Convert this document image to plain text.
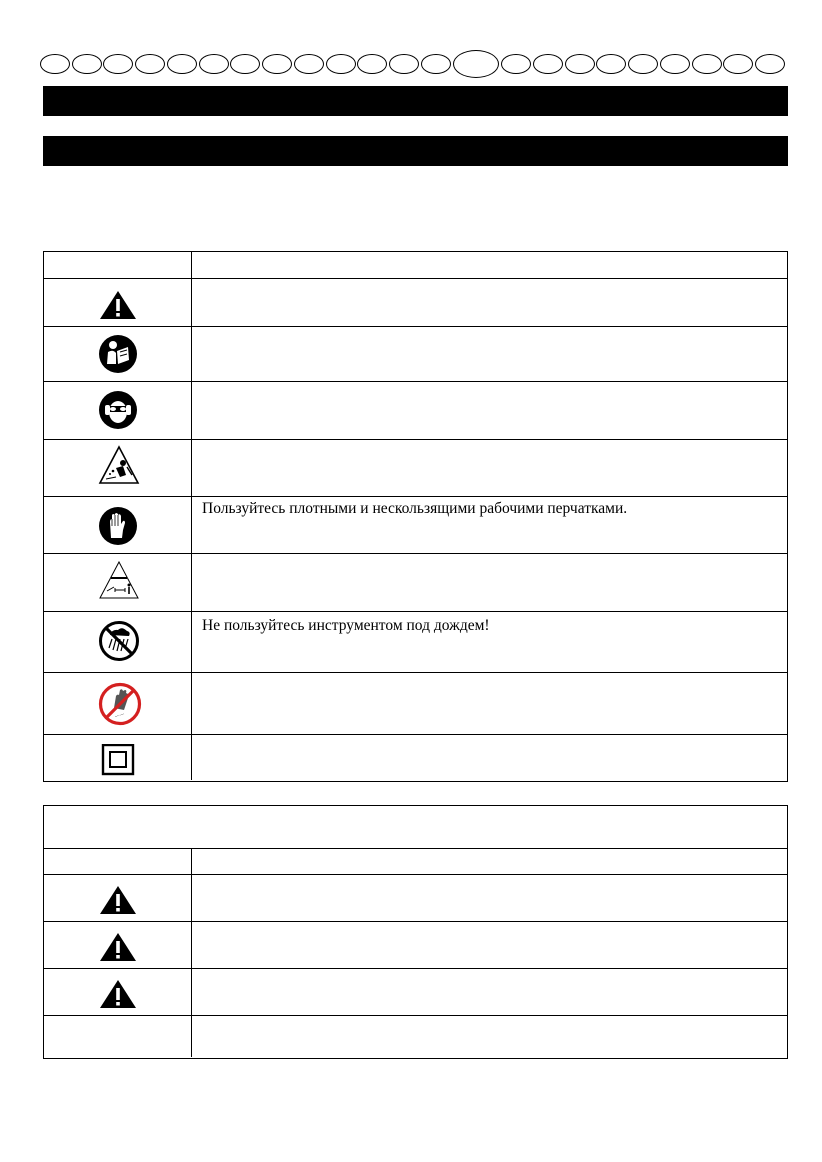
Пользуйтесь плотными и нескользящими рабочими перчатками.
Не пользуйтесь инструментом под дождем!
ᐧᐧᐧᐧᐧᐧᐧᐧ
